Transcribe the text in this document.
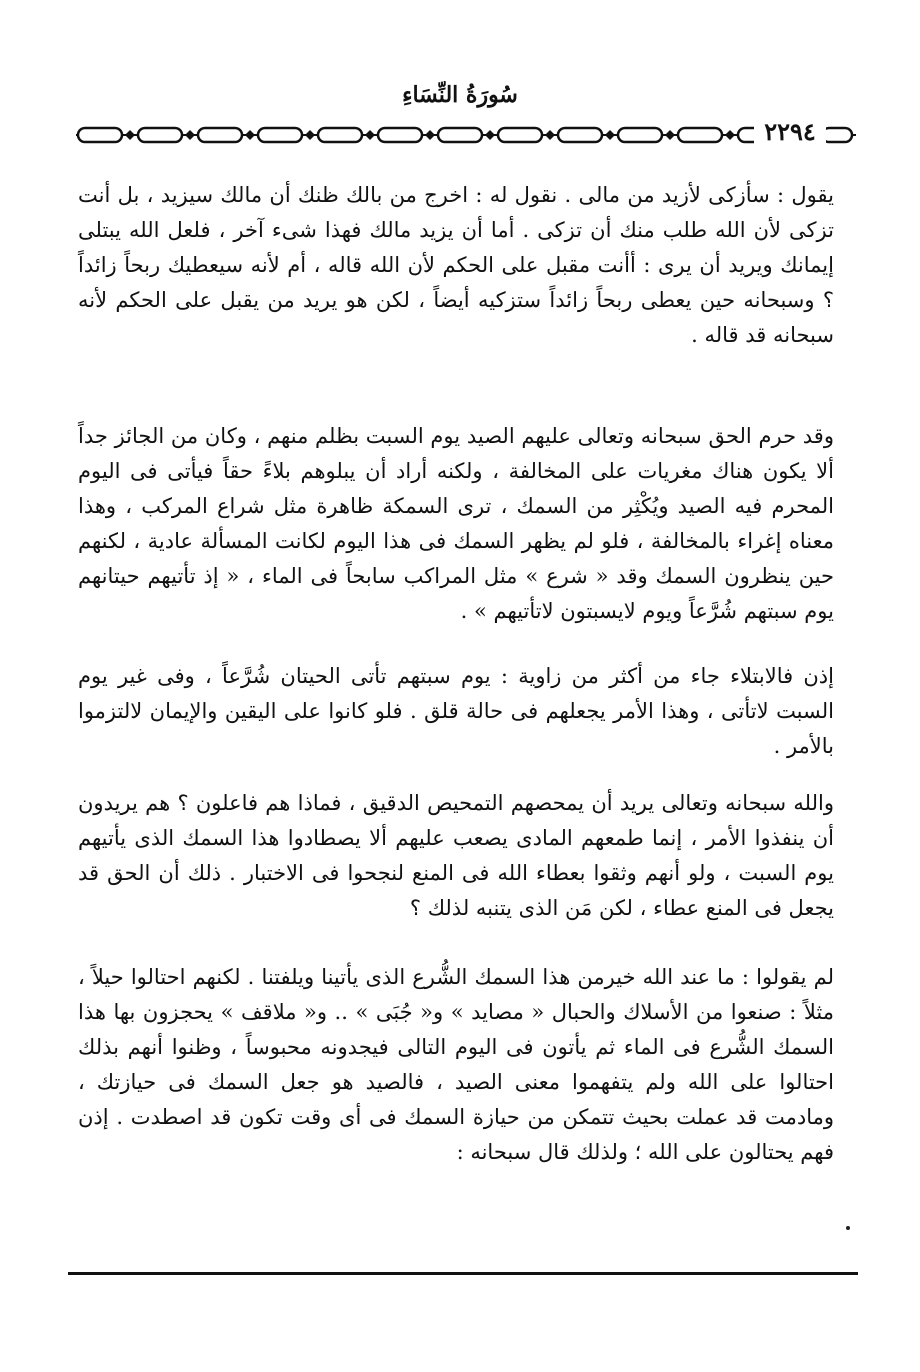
سُورَةُ النِّسَاءِ
٢٢٩٤

يقول : سأزكى لأزيد من مالى . نقول له : اخرج من بالك ظنك أن مالك سيزيد ، بل أنت تزكى لأن الله طلب منك أن تزكى . أما أن يزيد مالك فهذا شىء آخر ، فلعل الله يبتلى إيمانك ويريد أن يرى : أأنت مقبل على الحكم لأن الله قاله ، أم لأنه سيعطيك ربحاً زائداً ؟ وسبحانه حين يعطى ربحاً زائداً ستزكيه أيضاً ، لكن هو يريد من يقبل على الحكم لأنه سبحانه قد قاله .

وقد حرم الحق سبحانه وتعالى عليهم الصيد يوم السبت بظلم منهم ، وكان من الجائز جداً ألا يكون هناك مغريات على المخالفة ، ولكنه أراد أن يبلوهم بلاءً حقاً فيأتى فى اليوم المحرم فيه الصيد ويُكْثِر من السمك ، ترى السمكة ظاهرة مثل شراع المركب ، وهذا معناه إغراء بالمخالفة ، فلو لم يظهر السمك فى هذا اليوم لكانت المسألة عادية ، لكنهم حين ينظرون السمك وقد « شرع » مثل المراكب سابحاً فى الماء ، « إذ تأتيهم حيتانهم يوم سبتهم شُرَّعاً ويوم لايسبتون لاتأتيهم » .

إذن فالابتلاء جاء من أكثر من زاوية : يوم سبتهم تأتى الحيتان شُرَّعاً ، وفى غير يوم السبت لاتأتى ، وهذا الأمر يجعلهم فى حالة قلق . فلو كانوا على اليقين والإيمان لالتزموا بالأمر .

والله سبحانه وتعالى يريد أن يمحصهم التمحيص الدقيق ، فماذا هم فاعلون ؟ هم يريدون أن ينفذوا الأمر ، إنما طمعهم المادى يصعب عليهم ألا يصطادوا هذا السمك الذى يأتيهم يوم السبت ، ولو أنهم وثقوا بعطاء الله فى المنع لنجحوا فى الاختبار . ذلك أن الحق قد يجعل فى المنع عطاء ، لكن مَن الذى يتنبه لذلك ؟

لم يقولوا : ما عند الله خيرمن هذا السمك الشُّرع الذى يأتينا ويلفتنا . لكنهم احتالوا حيلاً ، مثلاً : صنعوا من الأسلاك والحبال « مصايد » و« جُبَى » .. و« ملاقف » يحجزون بها هذا السمك الشُّرع فى الماء ثم يأتون فى اليوم التالى فيجدونه محبوساً ، وظنوا أنهم بذلك احتالوا على الله ولم يتفهموا معنى الصيد ، فالصيد هو جعل السمك فى حيازتك ، ومادمت قد عملت بحيث تتمكن من حيازة السمك فى أى وقت تكون قد اصطدت . إذن فهم يحتالون على الله ؛ ولذلك قال سبحانه :
